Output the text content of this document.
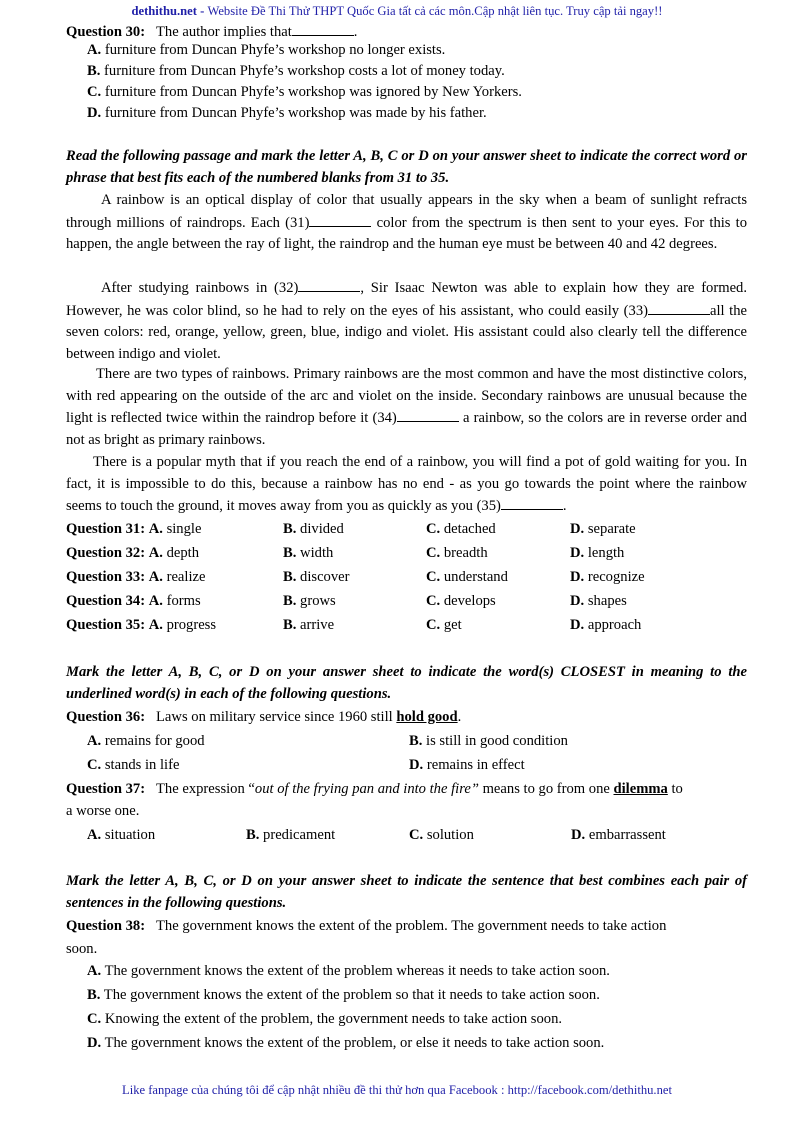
dethithu.net - Website Đề Thi Thử THPT Quốc Gia tất cả các môn.Cập nhật liên tục. Truy cập tải ngay!!
Question 30: The author implies that	.
A. furniture from Duncan Phyfe’s workshop no longer exists.
B. furniture from Duncan Phyfe’s workshop costs a lot of money today.
C. furniture from Duncan Phyfe’s workshop was ignored by New Yorkers.
D. furniture from Duncan Phyfe’s workshop was made by his father.
Read the following passage and mark the letter A, B, C or D on your answer sheet to indicate the correct word or phrase that best fits each of the numbered blanks from 31 to 35.
A rainbow is an optical display of color that usually appears in the sky when a beam of sunlight refracts through millions of raindrops. Each (31)	color from the spectrum is then sent to your eyes. For this to happen, the angle between the ray of light, the raindrop and the human eye must be between 40 and 42 degrees.
After studying rainbows in (32)	, Sir Isaac Newton was able to explain how they are formed. However, he was color blind, so he had to rely on the eyes of his assistant, who could easily (33)	all the seven colors: red, orange, yellow, green, blue, indigo and violet. His assistant could also clearly tell the difference between indigo and violet.
There are two types of rainbows. Primary rainbows are the most common and have the most distinctive colors, with red appearing on the outside of the arc and violet on the inside. Secondary rainbows are unusual because the light is reflected twice within the raindrop before it (34)	a rainbow, so the colors are in reverse order and not as bright as primary rainbows.
There is a popular myth that if you reach the end of a rainbow, you will find a pot of gold waiting for you. In fact, it is impossible to do this, because a rainbow has no end - as you go towards the point where the rainbow seems to touch the ground, it moves away from you as quickly as you (35)	.
Question 31: A. single	B. divided	C. detached	D. separate
Question 32: A. depth	B. width	C. breadth	D. length
Question 33: A. realize	B. discover	C. understand	D. recognize
Question 34: A. forms	B. grows	C. develops	D. shapes
Question 35: A. progress	B. arrive	C. get	D. approach
Mark the letter A, B, C, or D on your answer sheet to indicate the word(s) CLOSEST in meaning to the underlined word(s) in each of the following questions.
Question 36: Laws on military service since 1960 still hold good.
A. remains for good	B. is still in good condition
C. stands in life	D. remains in effect
Question 37: The expression “out of the frying pan and into the fire” means to go from one dilemma to
a worse one.
A. situation	B. predicament	C. solution	D. embarrassent
Mark the letter A, B, C, or D on your answer sheet to indicate the sentence that best combines each pair of sentences in the following questions.
Question 38: The government knows the extent of the problem. The government needs to take action
soon.
A. The government knows the extent of the problem whereas it needs to take action soon.
B. The government knows the extent of the problem so that it needs to take action soon.
C. Knowing the extent of the problem, the government needs to take action soon.
D. The government knows the extent of the problem, or else it needs to take action soon.
Like fanpage của chúng tôi để cập nhật nhiều đề thi thử hơn qua Facebook : http://facebook.com/dethithu.net
